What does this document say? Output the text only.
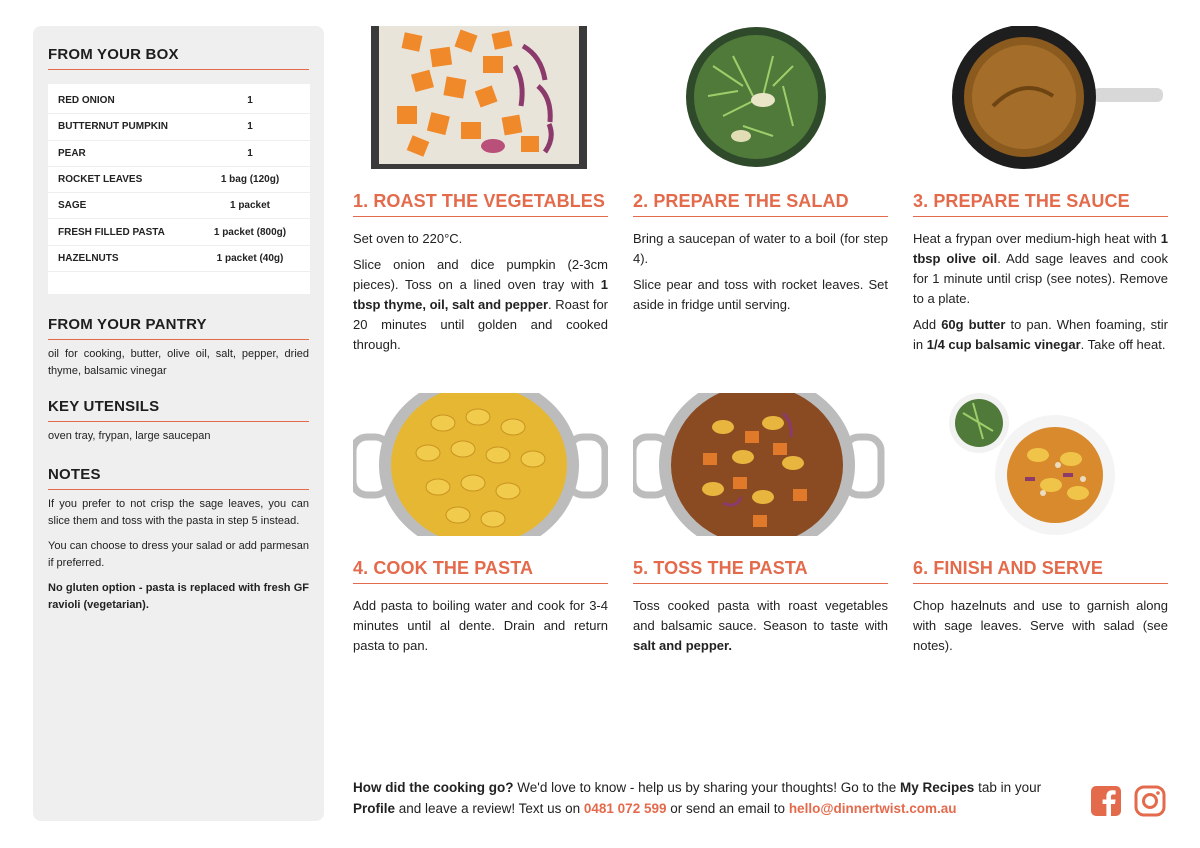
FROM YOUR BOX
RED ONION	1
BUTTERNUT PUMPKIN	1
PEAR	1
ROCKET LEAVES	1 bag (120g)
SAGE	1 packet
FRESH FILLED PASTA	1 packet (800g)
HAZELNUTS	1 packet (40g)
FROM YOUR PANTRY
oil for cooking, butter, olive oil, salt, pepper, dried thyme, balsamic vinegar
KEY UTENSILS
oven tray, frypan, large saucepan
NOTES
If you prefer to not crisp the sage leaves, you can slice them and toss with the pasta in step 5 instead.
You can choose to dress your salad or add parmesan if preferred.
No gluten option - pasta is replaced with fresh GF ravioli (vegetarian).
1. ROAST THE VEGETABLES

Set oven to 220°C.

Slice onion and dice pumpkin (2-3cm pieces). Toss on a lined oven tray with 1 tbsp thyme, oil, salt and pepper. Roast for 20 minutes until golden and cooked through.

2. PREPARE THE SALAD

Bring a saucepan of water to a boil (for step 4).

Slice pear and toss with rocket leaves. Set aside in fridge until serving.

3. PREPARE THE SAUCE

Heat a frypan over medium-high heat with 1 tbsp olive oil. Add sage leaves and cook for 1 minute until crisp (see notes). Remove to a plate.

Add 60g butter to pan. When foaming, stir in 1/4 cup balsamic vinegar. Take off heat.

4. COOK THE PASTA

Add pasta to boiling water and cook for 3-4 minutes until al dente. Drain and return pasta to pan.

5. TOSS THE PASTA

Toss cooked pasta with roast vegetables and balsamic sauce. Season to taste with salt and pepper.

6. FINISH AND SERVE

Chop hazelnuts and use to garnish along with sage leaves. Serve with salad (see notes).

How did the cooking go? We'd love to know - help us by sharing your thoughts! Go to the My Recipes tab in your Profile and leave a review! Text us on 0481 072 599 or send an email to hello@dinnertwist.com.au
